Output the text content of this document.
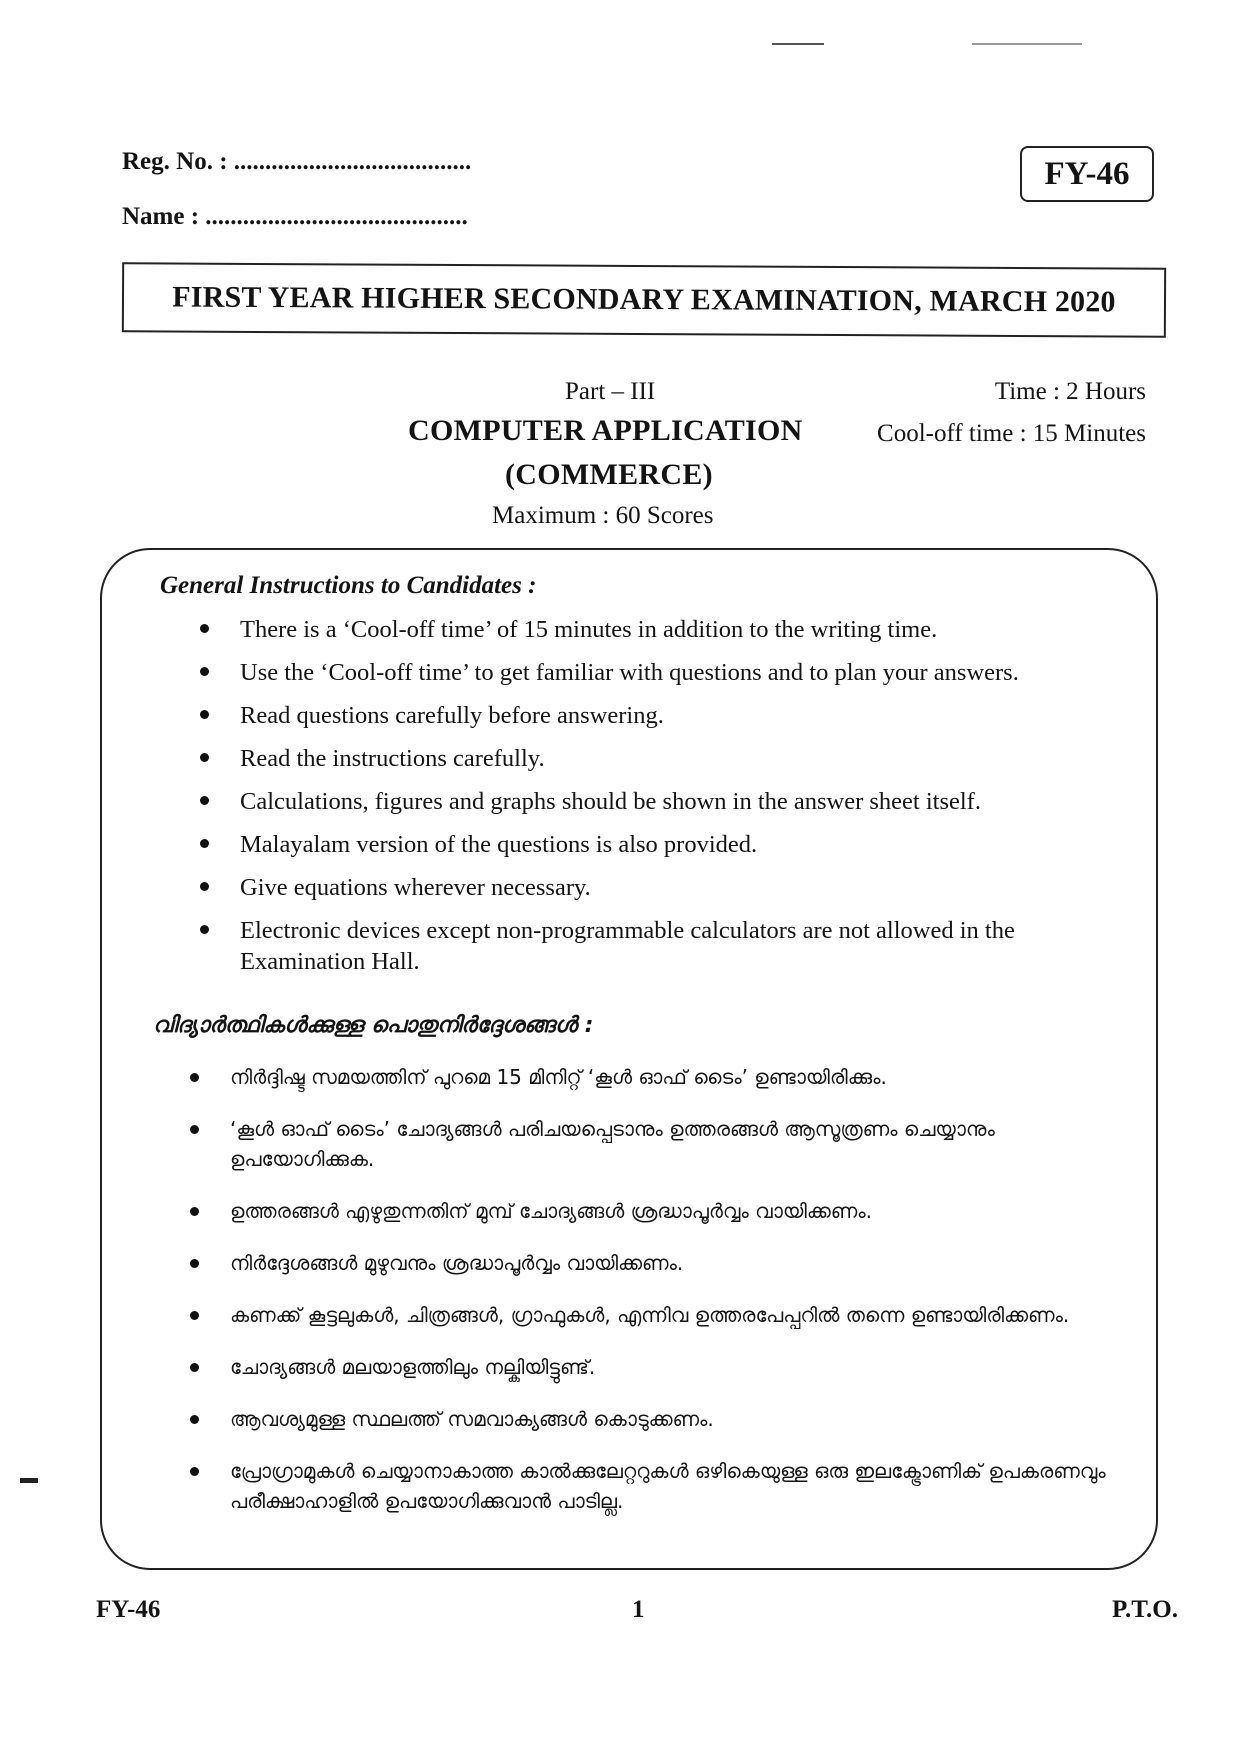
Reg. No. : ......................................
Name : ..........................................
FY-46
FIRST YEAR HIGHER SECONDARY EXAMINATION, MARCH 2020
Part – III	Time : 2 Hours
COMPUTER APPLICATION	Cool-off time : 15 Minutes
(COMMERCE)
Maximum : 60 Scores
General Instructions to Candidates :
There is a ‘Cool-off time’ of 15 minutes in addition to the writing time.
Use the ‘Cool-off time’ to get familiar with questions and to plan your answers.
Read questions carefully before answering.
Read the instructions carefully.
Calculations, figures and graphs should be shown in the answer sheet itself.
Malayalam version of the questions is also provided.
Give equations wherever necessary.
Electronic devices except non-programmable calculators are not allowed in the Examination Hall.
വിദ്യാർത്ഥികൾക്കുള്ള പൊതുനിർദ്ദേശങ്ങൾ :
നിർദ്ദിഷ്ട സമയത്തിന് പുറമെ 15 മിനിറ്റ് ‘കൂൾ ഓഫ് ടൈം’ ഉണ്ടായിരിക്കും.
‘കൂൾ ഓഫ് ടൈം’ ചോദ്യങ്ങൾ പരിചയപ്പെടാനും ഉത്തരങ്ങൾ ആസൂത്രണം ചെയ്യാനും ഉപയോഗിക്കുക.
ഉത്തരങ്ങൾ എഴുതുന്നതിന് മുമ്പ് ചോദ്യങ്ങൾ ശ്രദ്ധാപൂർവ്വം വായിക്കണം.
നിർദ്ദേശങ്ങൾ മുഴുവനും ശ്രദ്ധാപൂർവ്വം വായിക്കണം.
കണക്ക് കൂട്ടലുകൾ, ചിത്രങ്ങൾ, ഗ്രാഫുകൾ, എന്നിവ ഉത്തരപേപ്പറിൽ തന്നെ ഉണ്ടായിരിക്കണം.
ചോദ്യങ്ങൾ മലയാളത്തിലും നല്കിയിട്ടുണ്ട്.
ആവശ്യമുള്ള സ്ഥലത്ത് സമവാക്യങ്ങൾ കൊടുക്കണം.
പ്രോഗ്രാമുകൾ ചെയ്യാനാകാത്ത കാൽക്കുലേറ്ററുകൾ ഒഴികെയുള്ള ഒരു ഇലക്ട്രോണിക് ഉപകരണവും പരീക്ഷാഹാളിൽ ഉപയോഗിക്കുവാൻ പാടില്ല.
FY-46	1	P.T.O.
